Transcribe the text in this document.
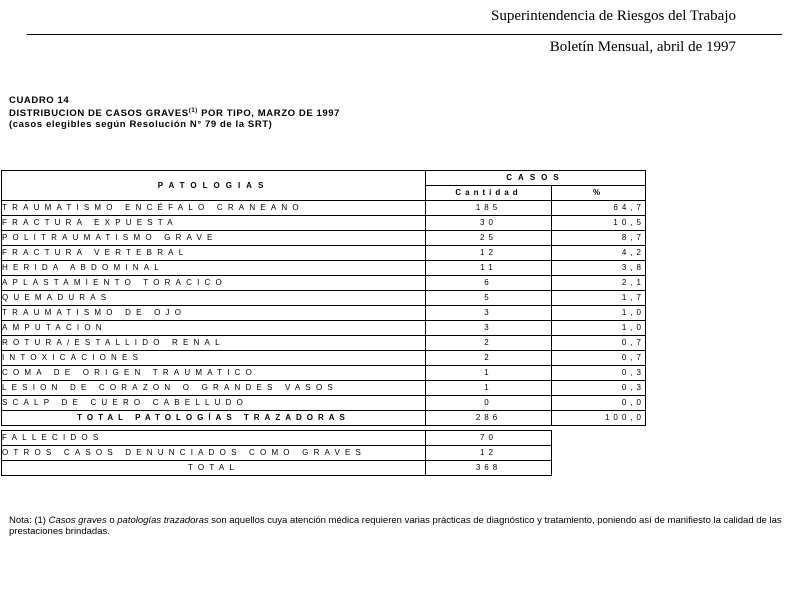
Superintendencia de Riesgos del Trabajo
Boletín Mensual, abril de 1997
CUADRO 14
DISTRIBUCION DE CASOS GRAVES$^{(1)}$ POR TIPO, MARZO DE 1997
(casos elegibles según Resolución N° 79 de la SRT)
PATOLOGIAS	CASOS	
	Cantidad	%
TRAUMATISMO ENCÉFALO CRANEANO	185	64,7
FRACTURA EXPUESTA	30	10,5
POLITRAUMATISMO GRAVE	25	8,7
FRACTURA VERTEBRAL	12	4,2
HERIDA ABDOMINAL	11	3,8
APLASTAMIENTO TORACICO	6	2,1
QUEMADURAS	5	1,7
TRAUMATISMO DE OJO	3	1,0
AMPUTACION	3	1,0
ROTURA/ESTALLIDO RENAL	2	0,7
INTOXICACIONES	2	0,7
COMA DE ORIGEN TRAUMATICO	1	0,3
LESION DE CORAZON O GRANDES VASOS	1	0,3
SCALP DE CUERO CABELLUDO	0	0,0
TOTAL PATOLOGÍAS TRAZADORAS	286	100,0

FALLECIDOS	70	
OTROS CASOS DENUNCIADOS COMO GRAVES	12	
TOTAL	368	
Nota: (1) Casos graves o patologías trazadoras son aquellos cuya atención médica requieren varias prácticas de diagnóstico y tratamiento, poniendo así de manifiesto la calidad de las prestaciones brindadas.
